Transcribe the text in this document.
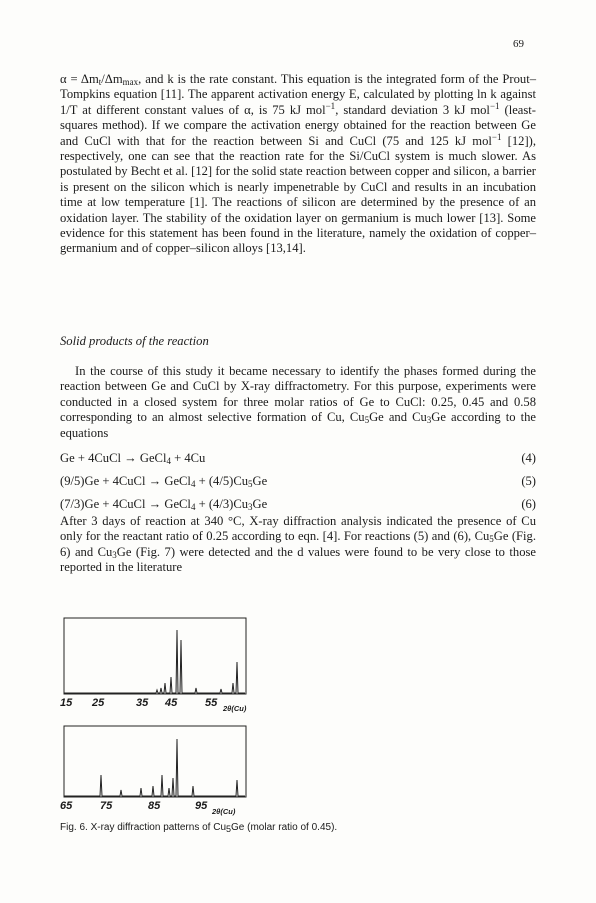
69

$\alpha = \Delta m_t/\Delta m_{max}$, and k is the rate constant. This equation is the integrated form of the Prout–Tompkins equation [11]. The apparent activation energy E, calculated by plotting ln k against 1/T at different constant values of α, is 75 kJ mol$^{-1}$, standard deviation 3 kJ mol$^{-1}$ (least-squares method). If we compare the activation energy obtained for the reaction between Ge and CuCl with that for the reaction between Si and CuCl (75 and 125 kJ mol$^{-1}$ [12]), respectively, one can see that the reaction rate for the Si/CuCl system is much slower. As postulated by Becht et al. [12] for the solid state reaction between copper and silicon, a barrier is present on the silicon which is nearly impenetrable by CuCl and results in an incubation time at low temperature [1]. The reactions of silicon are determined by the presence of an oxidation layer. The stability of the oxidation layer on germanium is much lower [13]. Some evidence for this statement has been found in the literature, namely the oxidation of copper–germanium and of copper–silicon alloys [13,14].

Solid products of the reaction

In the course of this study it became necessary to identify the phases formed during the reaction between Ge and CuCl by X-ray diffractometry. For this purpose, experiments were conducted in a closed system for three molar ratios of Ge to CuCl: 0.25, 0.45 and 0.58 corresponding to an almost selective formation of Cu, $Cu_5Ge$ and $Cu_3Ge$ according to the equations

Ge + 4CuCl → GeCl$_4$ + 4Cu	(4)
(9/5)Ge + 4CuCl → GeCl$_4$ + $(4/5)Cu_5Ge$	(5)
(7/3)Ge + 4CuCl → GeCl$_4$ + $(4/3)Cu_3Ge$	(6)

After 3 days of reaction at 340 °C, X-ray diffraction analysis indicated the presence of Cu only for the reactant ratio of 0.25 according to eqn. [4]. For reactions (5) and (6), $Cu_5Ge$ (Fig. 6) and $Cu_3Ge$ (Fig. 7) were detected and the d values were found to be very close to those reported in the literature

15 25	35 45	55 2θ(Cu)
65	75	85	95 2θ(Cu)
Fig. 6. X-ray diffraction patterns of $Cu_5Ge$ (molar ratio of 0.45).
